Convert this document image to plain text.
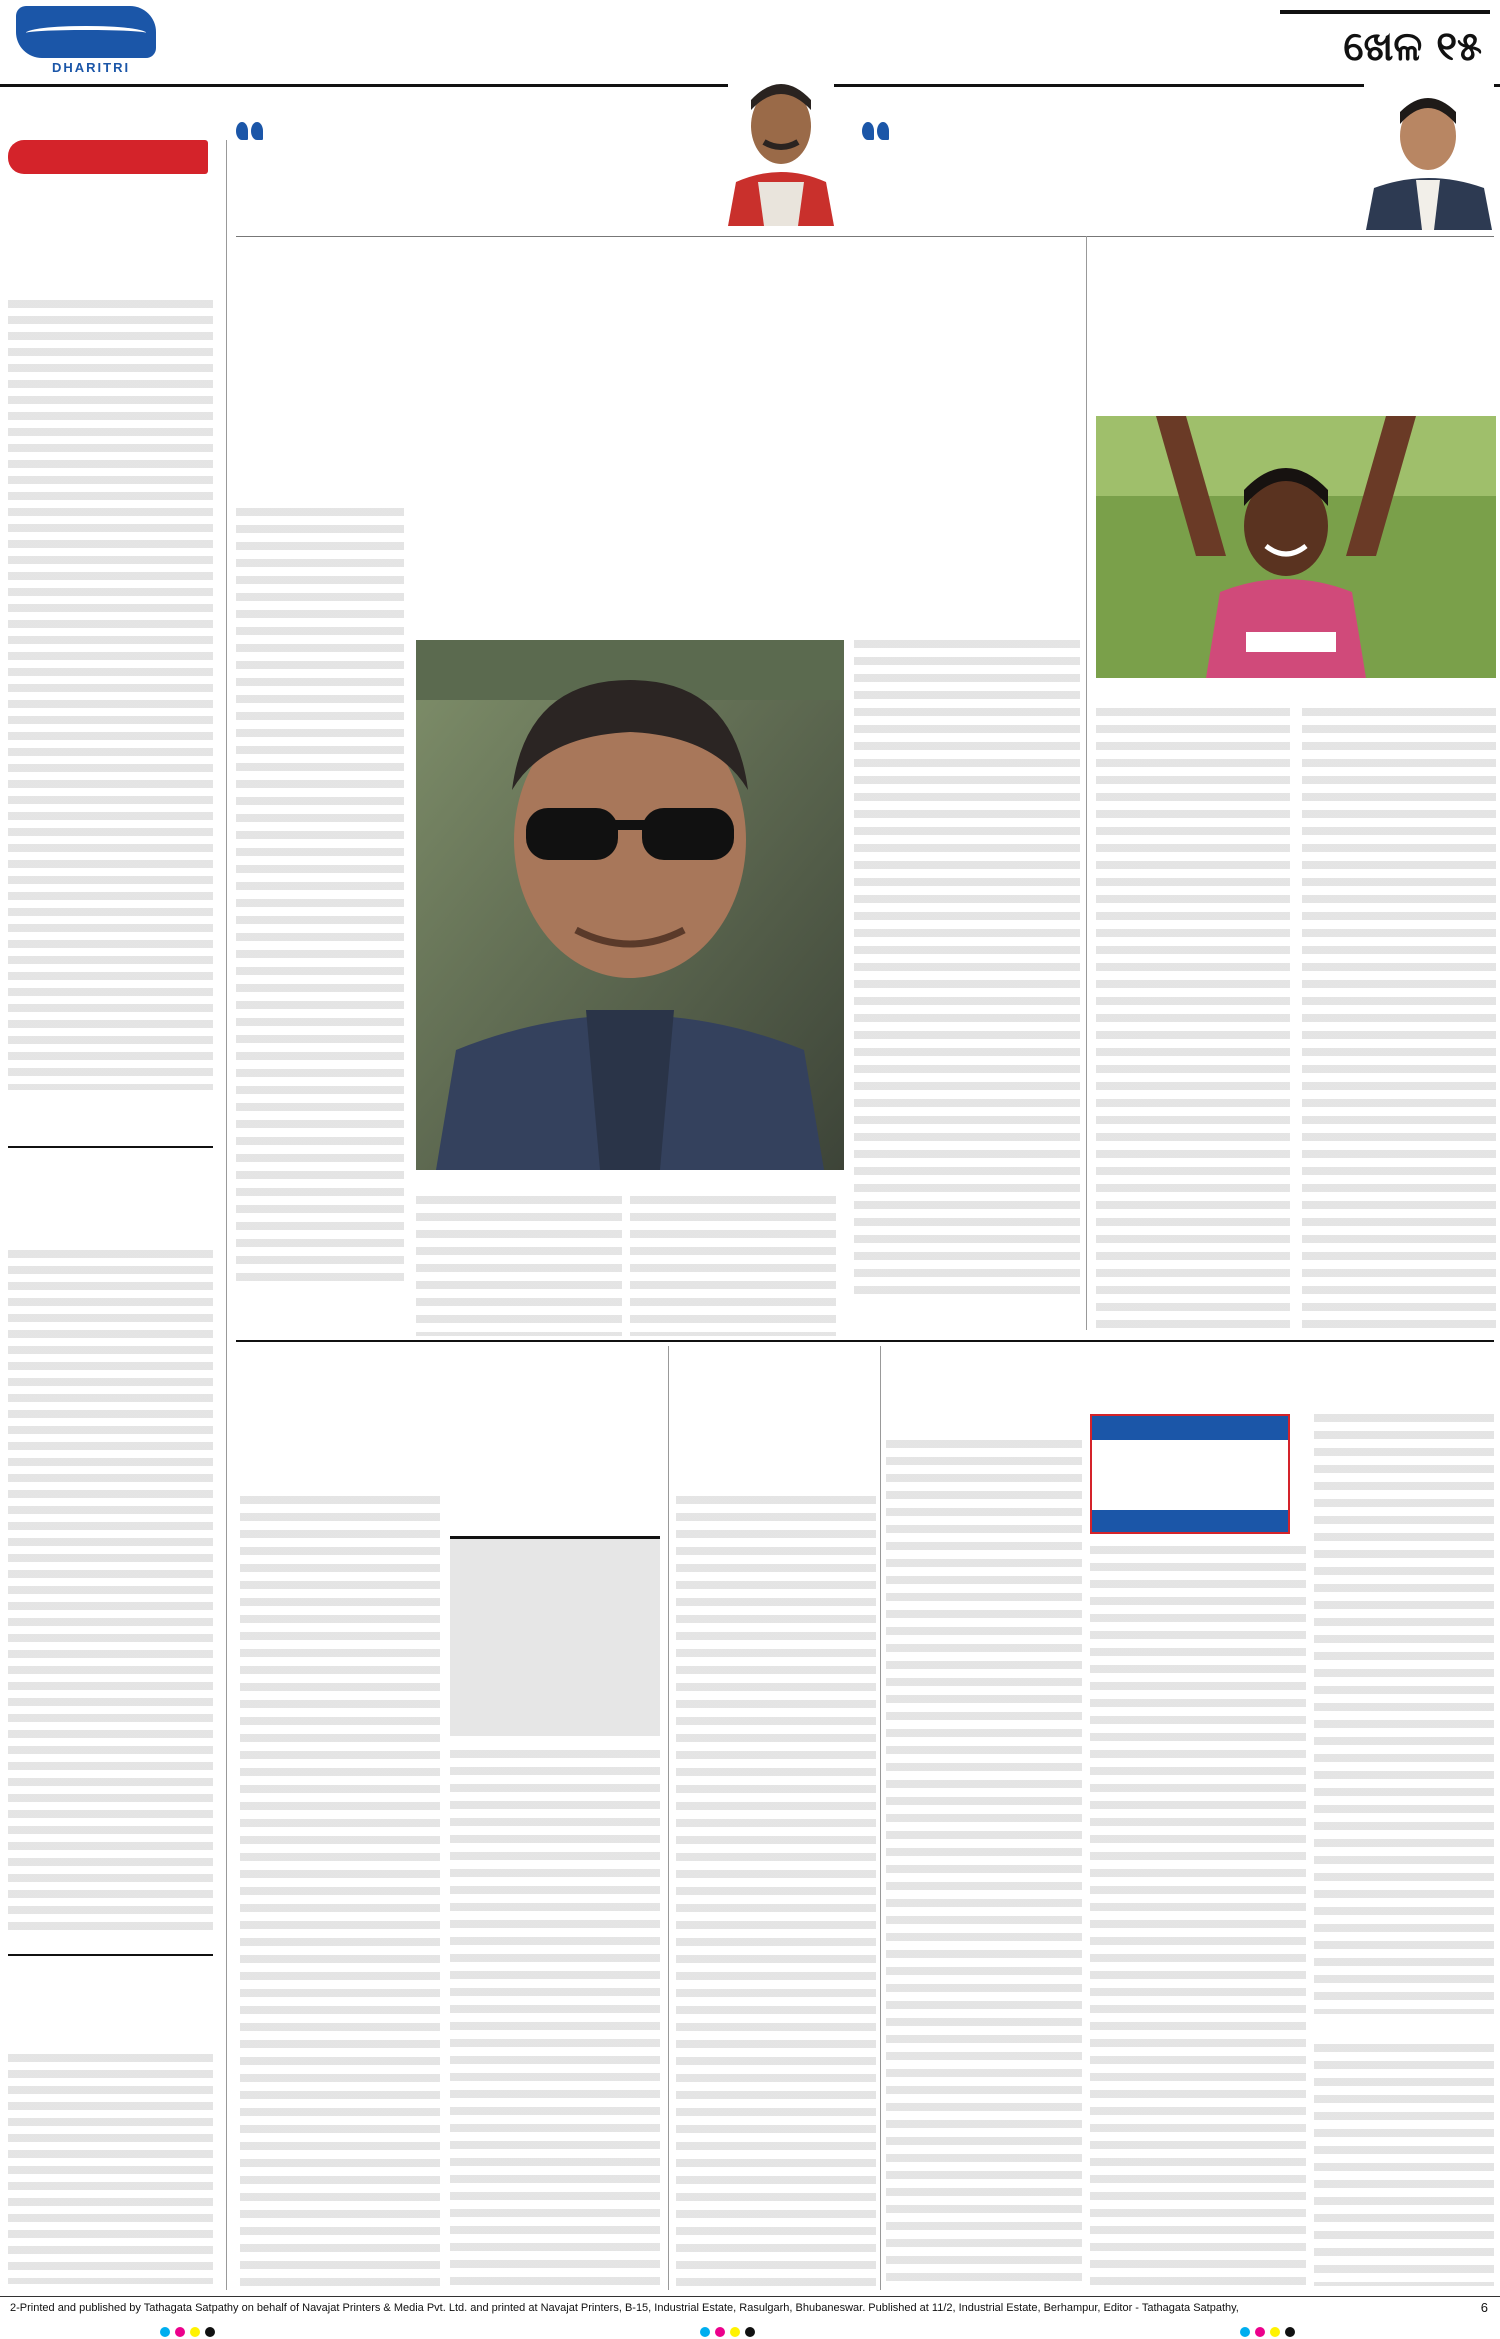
DHARITRI	ଖେଳ ୧୫
2-Printed and published by Tathagata Satpathy on behalf of Navajat Printers & Media Pvt. Ltd. and printed at Navajat Printers, B-15, Industrial Estate, Rasulgarh, Bhubaneswar. Published at 11/2, Industrial Estate, Berhampur, Editor - Tathagata Satpathy,	6
